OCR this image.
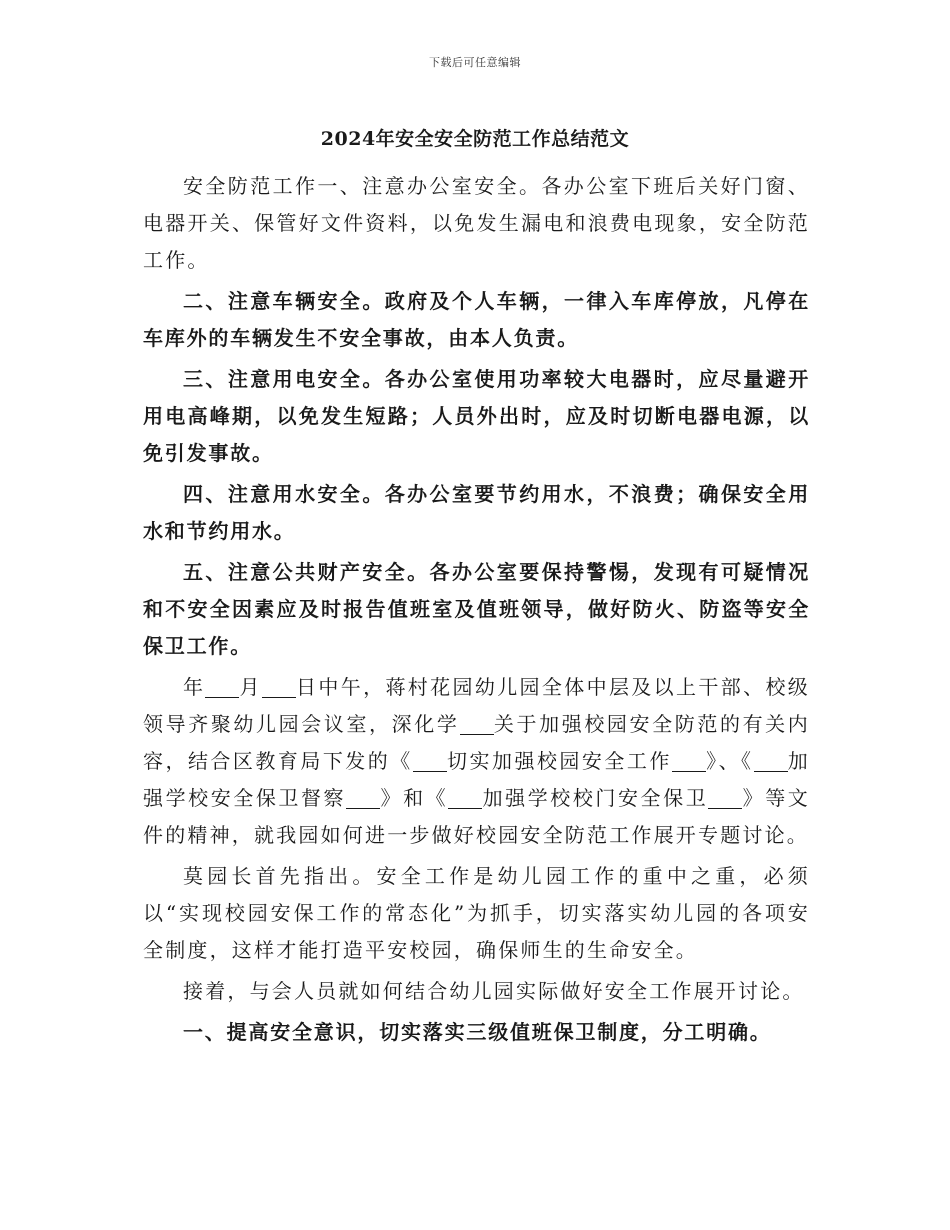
下载后可任意编辑
2024年安全安全防范工作总结范文

安全防范工作一、注意办公室安全。各办公室下班后关好门窗、电器开关、保管好文件资料，以免发生漏电和浪费电现象，安全防范工作。

二、注意车辆安全。政府及个人车辆，一律入车库停放，凡停在车库外的车辆发生不安全事故，由本人负责。

三、注意用电安全。各办公室使用功率较大电器时，应尽量避开用电高峰期，以免发生短路；人员外出时，应及时切断电器电源，以免引发事故。

四、注意用水安全。各办公室要节约用水，不浪费；确保安全用水和节约用水。

五、注意公共财产安全。各办公室要保持警惕，发现有可疑情况和不安全因素应及时报告值班室及值班领导，做好防火、防盗等安全保卫工作。

年 月 日中午，蒋村花园幼儿园全体中层及以上干部、校级领导齐聚幼儿园会议室，深化学 关于加强校园安全防范的有关内容，结合区教育局下发的《 切实加强校园安全工作 》、《 加强学校安全保卫督察 》和《 加强学校校门安全保卫 》等文件的精神，就我园如何进一步做好校园安全防范工作展开专题讨论。

莫园长首先指出。安全工作是幼儿园工作的重中之重，必须以“实现校园安保工作的常态化”为抓手，切实落实幼儿园的各项安全制度，这样才能打造平安校园，确保师生的生命安全。

接着，与会人员就如何结合幼儿园实际做好安全工作展开讨论。

一、提高安全意识，切实落实三级值班保卫制度，分工明确。
